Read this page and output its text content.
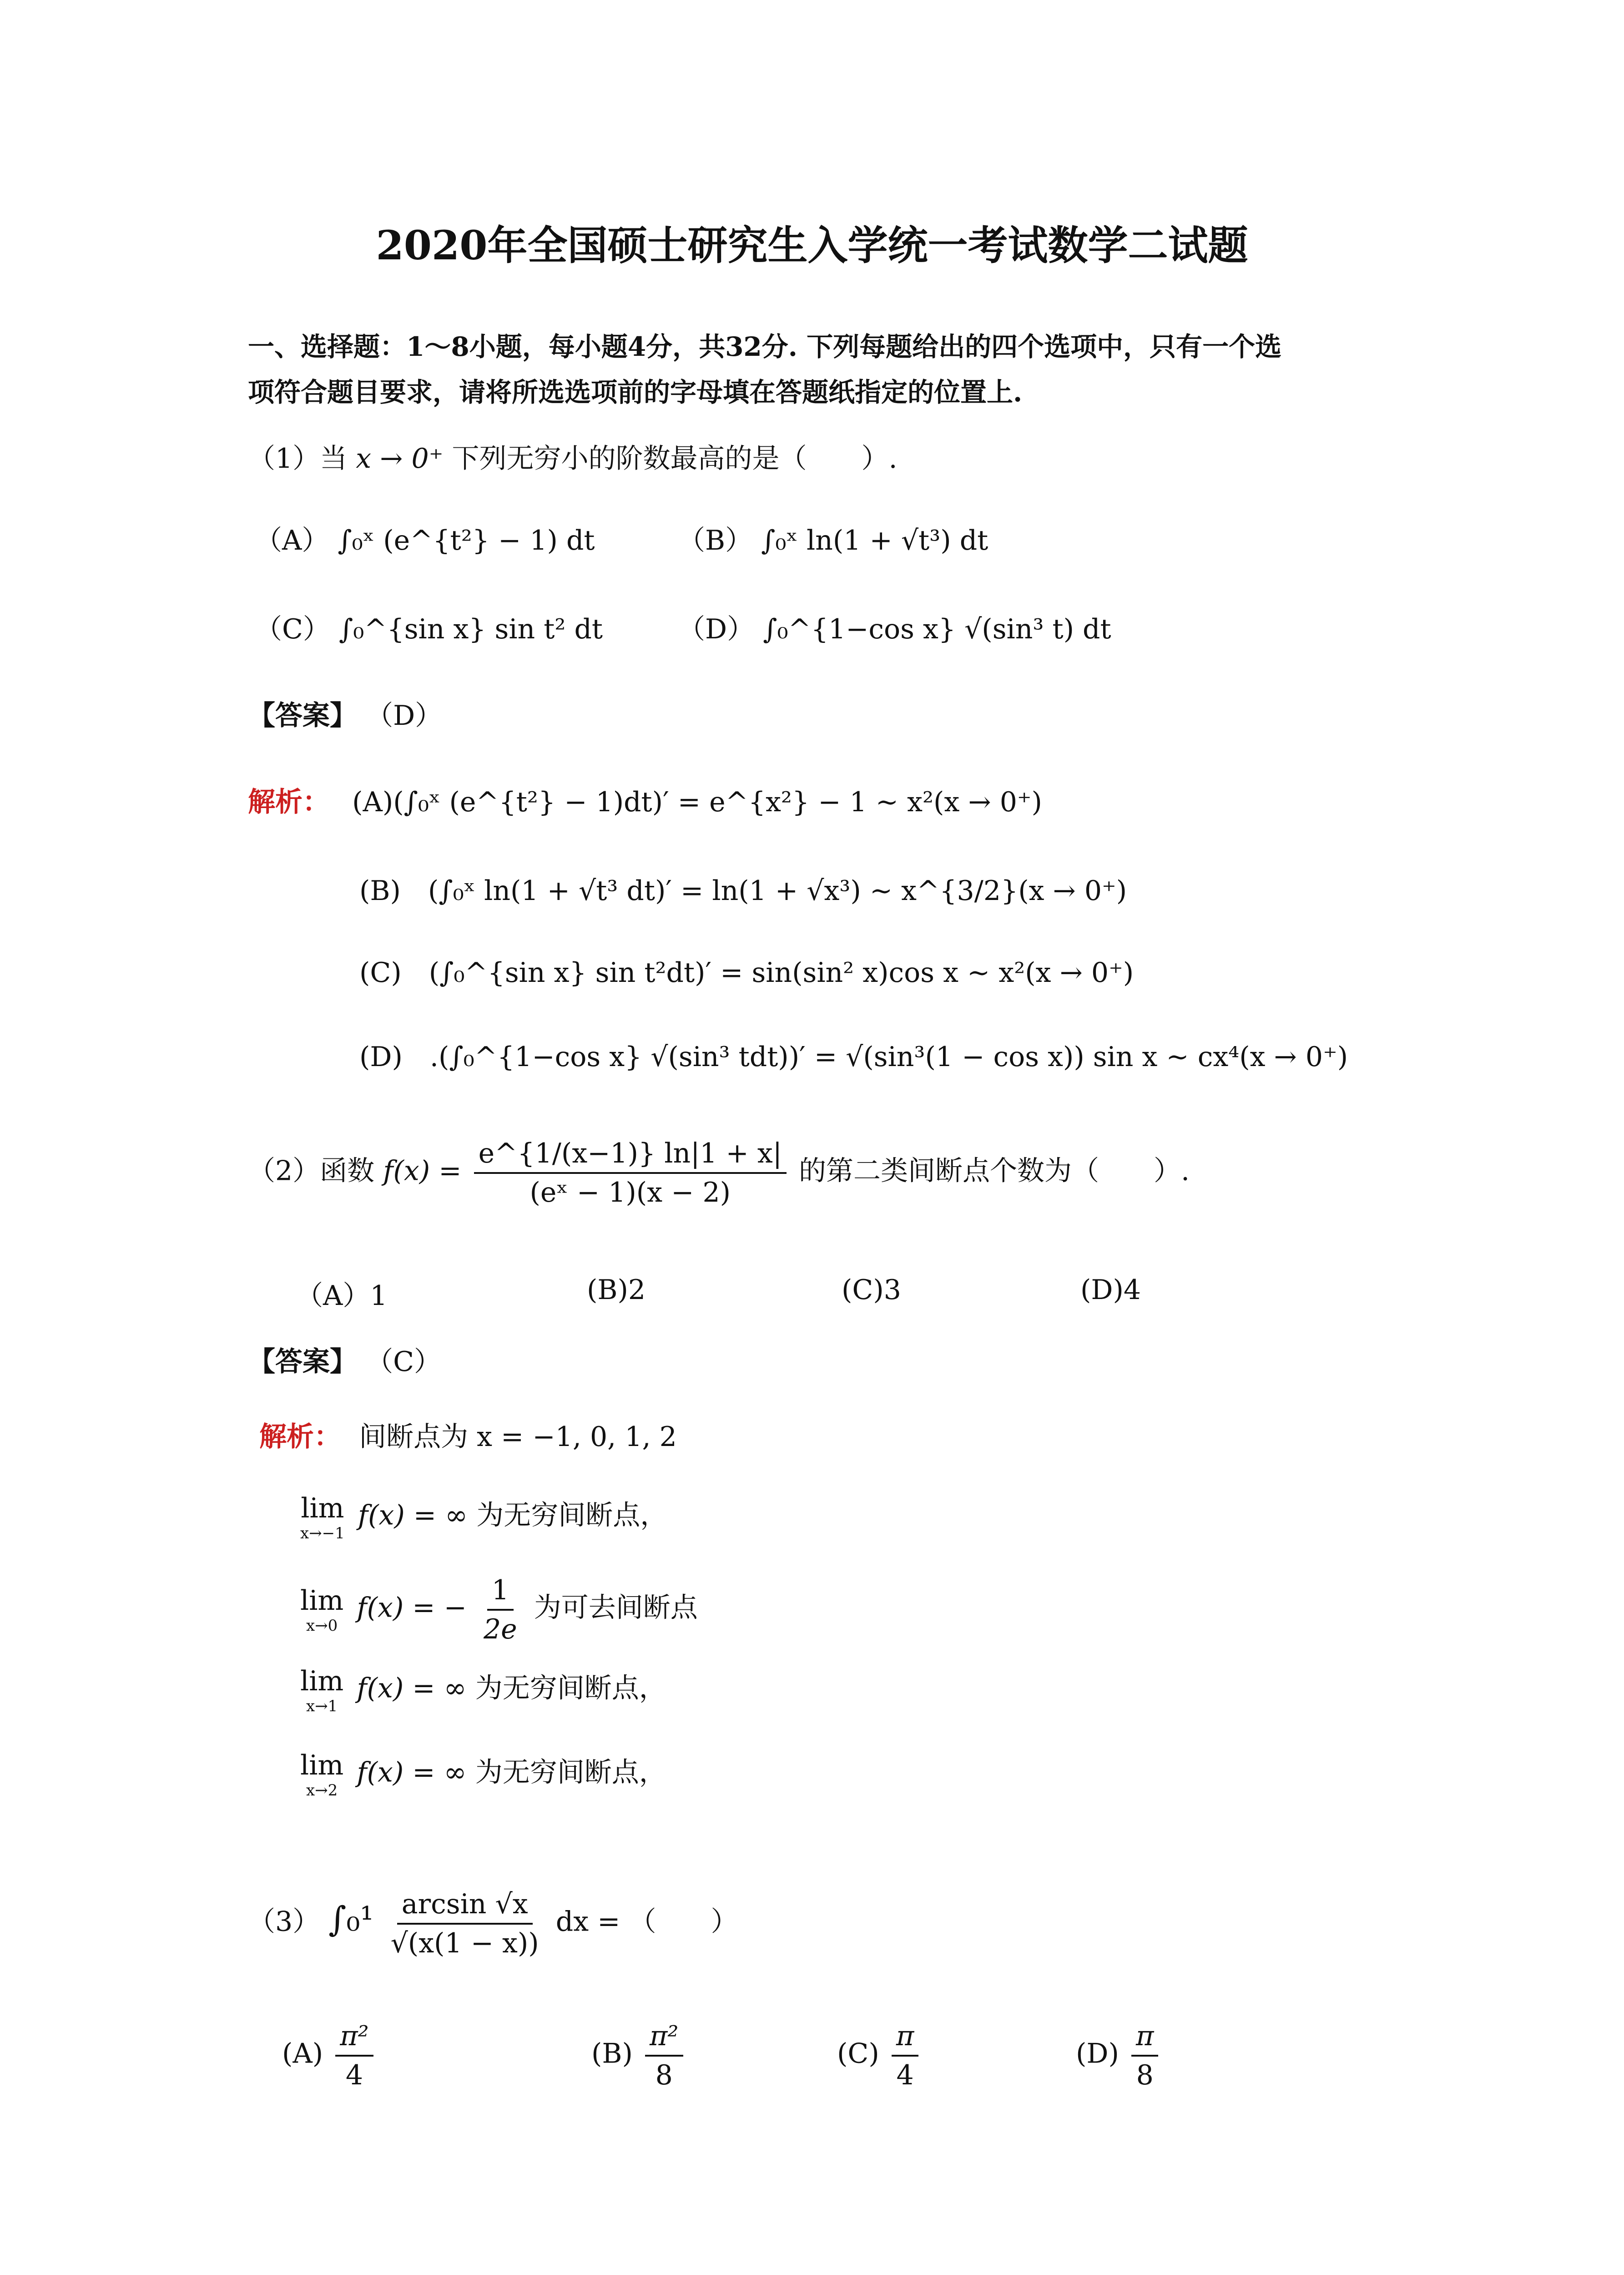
2020年全国硕士研究生入学统一考试数学二试题
一、选择题：1～8小题，每小题4分，共32分. 下列每题给出的四个选项中，只有一个选
项符合题目要求，请将所选选项前的字母填在答题纸指定的位置上.
（1）当 x → 0⁺ 下列无穷小的阶数最高的是（　　）.
（A） ∫₀ˣ (e^{t²} − 1) dt	（B） ∫₀ˣ ln(1 + √t³) dt
（C） ∫₀^{sin x} sin t² dt	（D） ∫₀^{1−cos x} √(sin³ t) dt
【答案】 （D）
解析： (A)(∫₀ˣ (e^{t²} − 1)dt)′ = e^{x²} − 1 ~ x²(x → 0⁺)
(B)　(∫₀ˣ ln(1 + √t³ dt)′ = ln(1 + √x³) ~ x^{3/2}(x → 0⁺)
(C)　(∫₀^{sin x} sin t²dt)′ = sin(sin² x)cos x ~ x²(x → 0⁺)
(D)　.(∫₀^{1−cos x} √(sin³ tdt))′ = √(sin³(1 − cos x)) sin x ~ cx⁴(x → 0⁺)
（2）函数 $f(x) = \frac{e\^{}\{1/(x-1)\} \ln|1 + x|}{\text{(eˣ − 1)(x − 2)}}$ 的第二类间断点个数为（　　）.
（A）1	(B)2	(C)3	(D)4
【答案】 （C）
解析： 间断点为 x = −1, 0, 1, 2
lim
x→−1
f(x) = ∞ 为无穷间断点，
lim
x→0
f(x) = − $\frac{1}{2e}$ 为可去间断点
lim
x→1
f(x) = ∞ 为无穷间断点，
lim
x→2
f(x) = ∞ 为无穷间断点，
（3） $\int_0^1 \frac{\arcsin √x}{√(x(1 - x))}$ dx = （　　）
$(A) \frac{\text{π²}}{4}$	$(B) \frac{\text{π²}}{8}$	$(C) \frac{\pi}{4}$	$(D) \frac{\pi}{8}$
